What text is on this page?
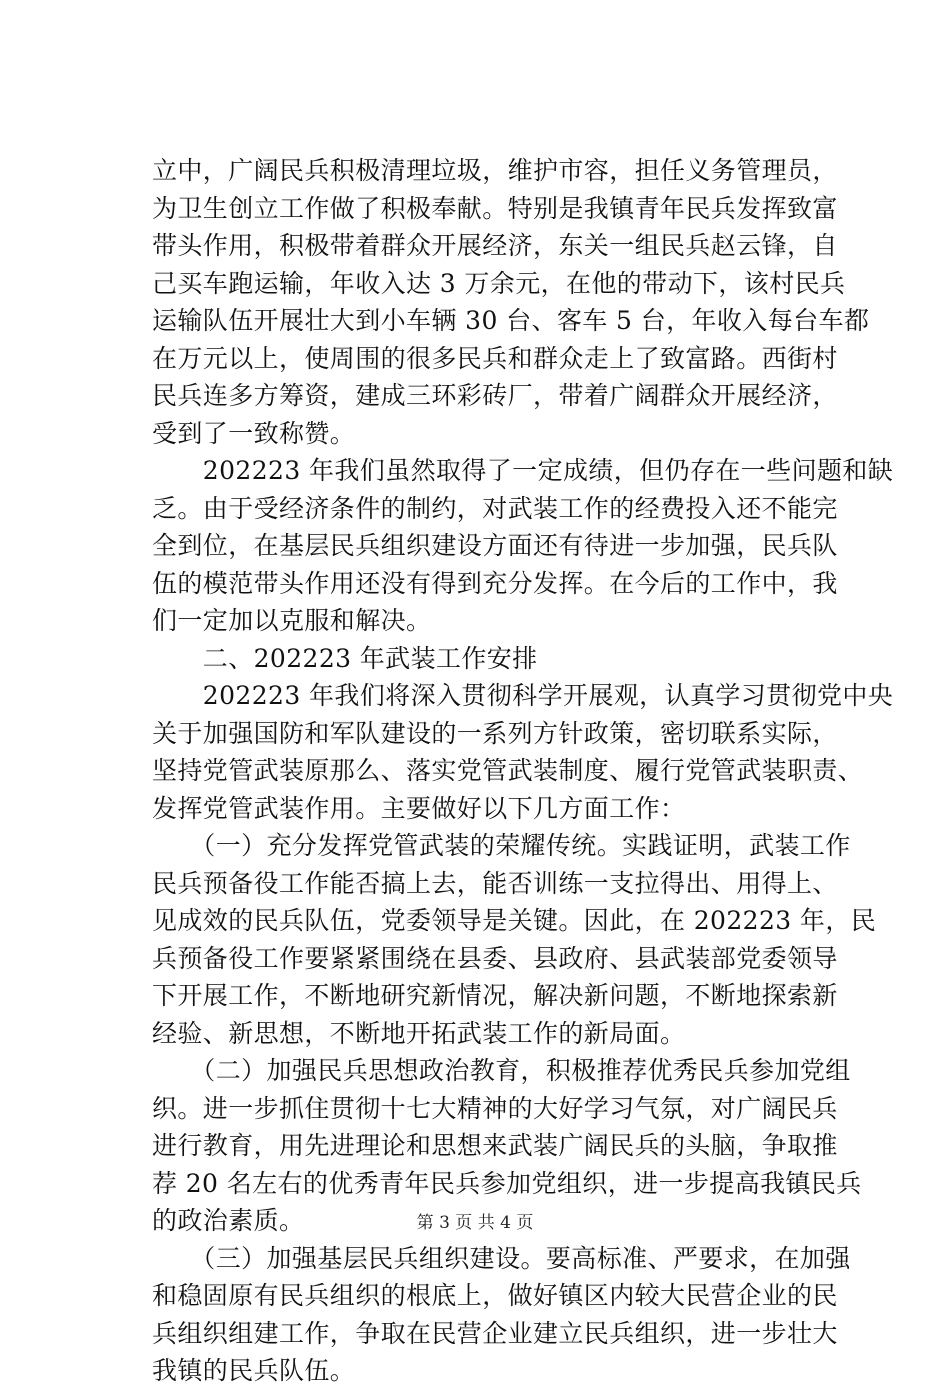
立中，广阔民兵积极清理垃圾，维护市容，担任义务管理员，
为卫生创立工作做了积极奉献。特别是我镇青年民兵发挥致富
带头作用，积极带着群众开展经济，东关一组民兵赵云锋，自
己买车跑运输，年收入达 3 万余元，在他的带动下，该村民兵
运输队伍开展壮大到小车辆 30 台、客车 5 台，年收入每台车都
在万元以上，使周围的很多民兵和群众走上了致富路。西街村
民兵连多方筹资，建成三环彩砖厂，带着广阔群众开展经济，
受到了一致称赞。
　　202223 年我们虽然取得了一定成绩，但仍存在一些问题和缺
乏。由于受经济条件的制约，对武装工作的经费投入还不能完
全到位，在基层民兵组织建设方面还有待进一步加强，民兵队
伍的模范带头作用还没有得到充分发挥。在今后的工作中，我
们一定加以克服和解决。
　　二、202223 年武装工作安排
　　202223 年我们将深入贯彻科学开展观，认真学习贯彻党中央
关于加强国防和军队建设的一系列方针政策，密切联系实际，
坚持党管武装原那么、落实党管武装制度、履行党管武装职责、
发挥党管武装作用。主要做好以下几方面工作：
　　（一）充分发挥党管武装的荣耀传统。实践证明，武装工作
民兵预备役工作能否搞上去，能否训练一支拉得出、用得上、
见成效的民兵队伍，党委领导是关键。因此，在 202223 年，民
兵预备役工作要紧紧围绕在县委、县政府、县武装部党委领导
下开展工作，不断地研究新情况，解决新问题，不断地探索新
经验、新思想，不断地开拓武装工作的新局面。
　　（二）加强民兵思想政治教育，积极推荐优秀民兵参加党组
织。进一步抓住贯彻十七大精神的大好学习气氛，对广阔民兵
进行教育，用先进理论和思想来武装广阔民兵的头脑，争取推
荐 20 名左右的优秀青年民兵参加党组织，进一步提高我镇民兵
的政治素质。
　　（三）加强基层民兵组织建设。要高标准、严要求，在加强
和稳固原有民兵组织的根底上，做好镇区内较大民营企业的民
兵组织组建工作，争取在民营企业建立民兵组织，进一步壮大
我镇的民兵队伍。
第 3 页 共 4 页
